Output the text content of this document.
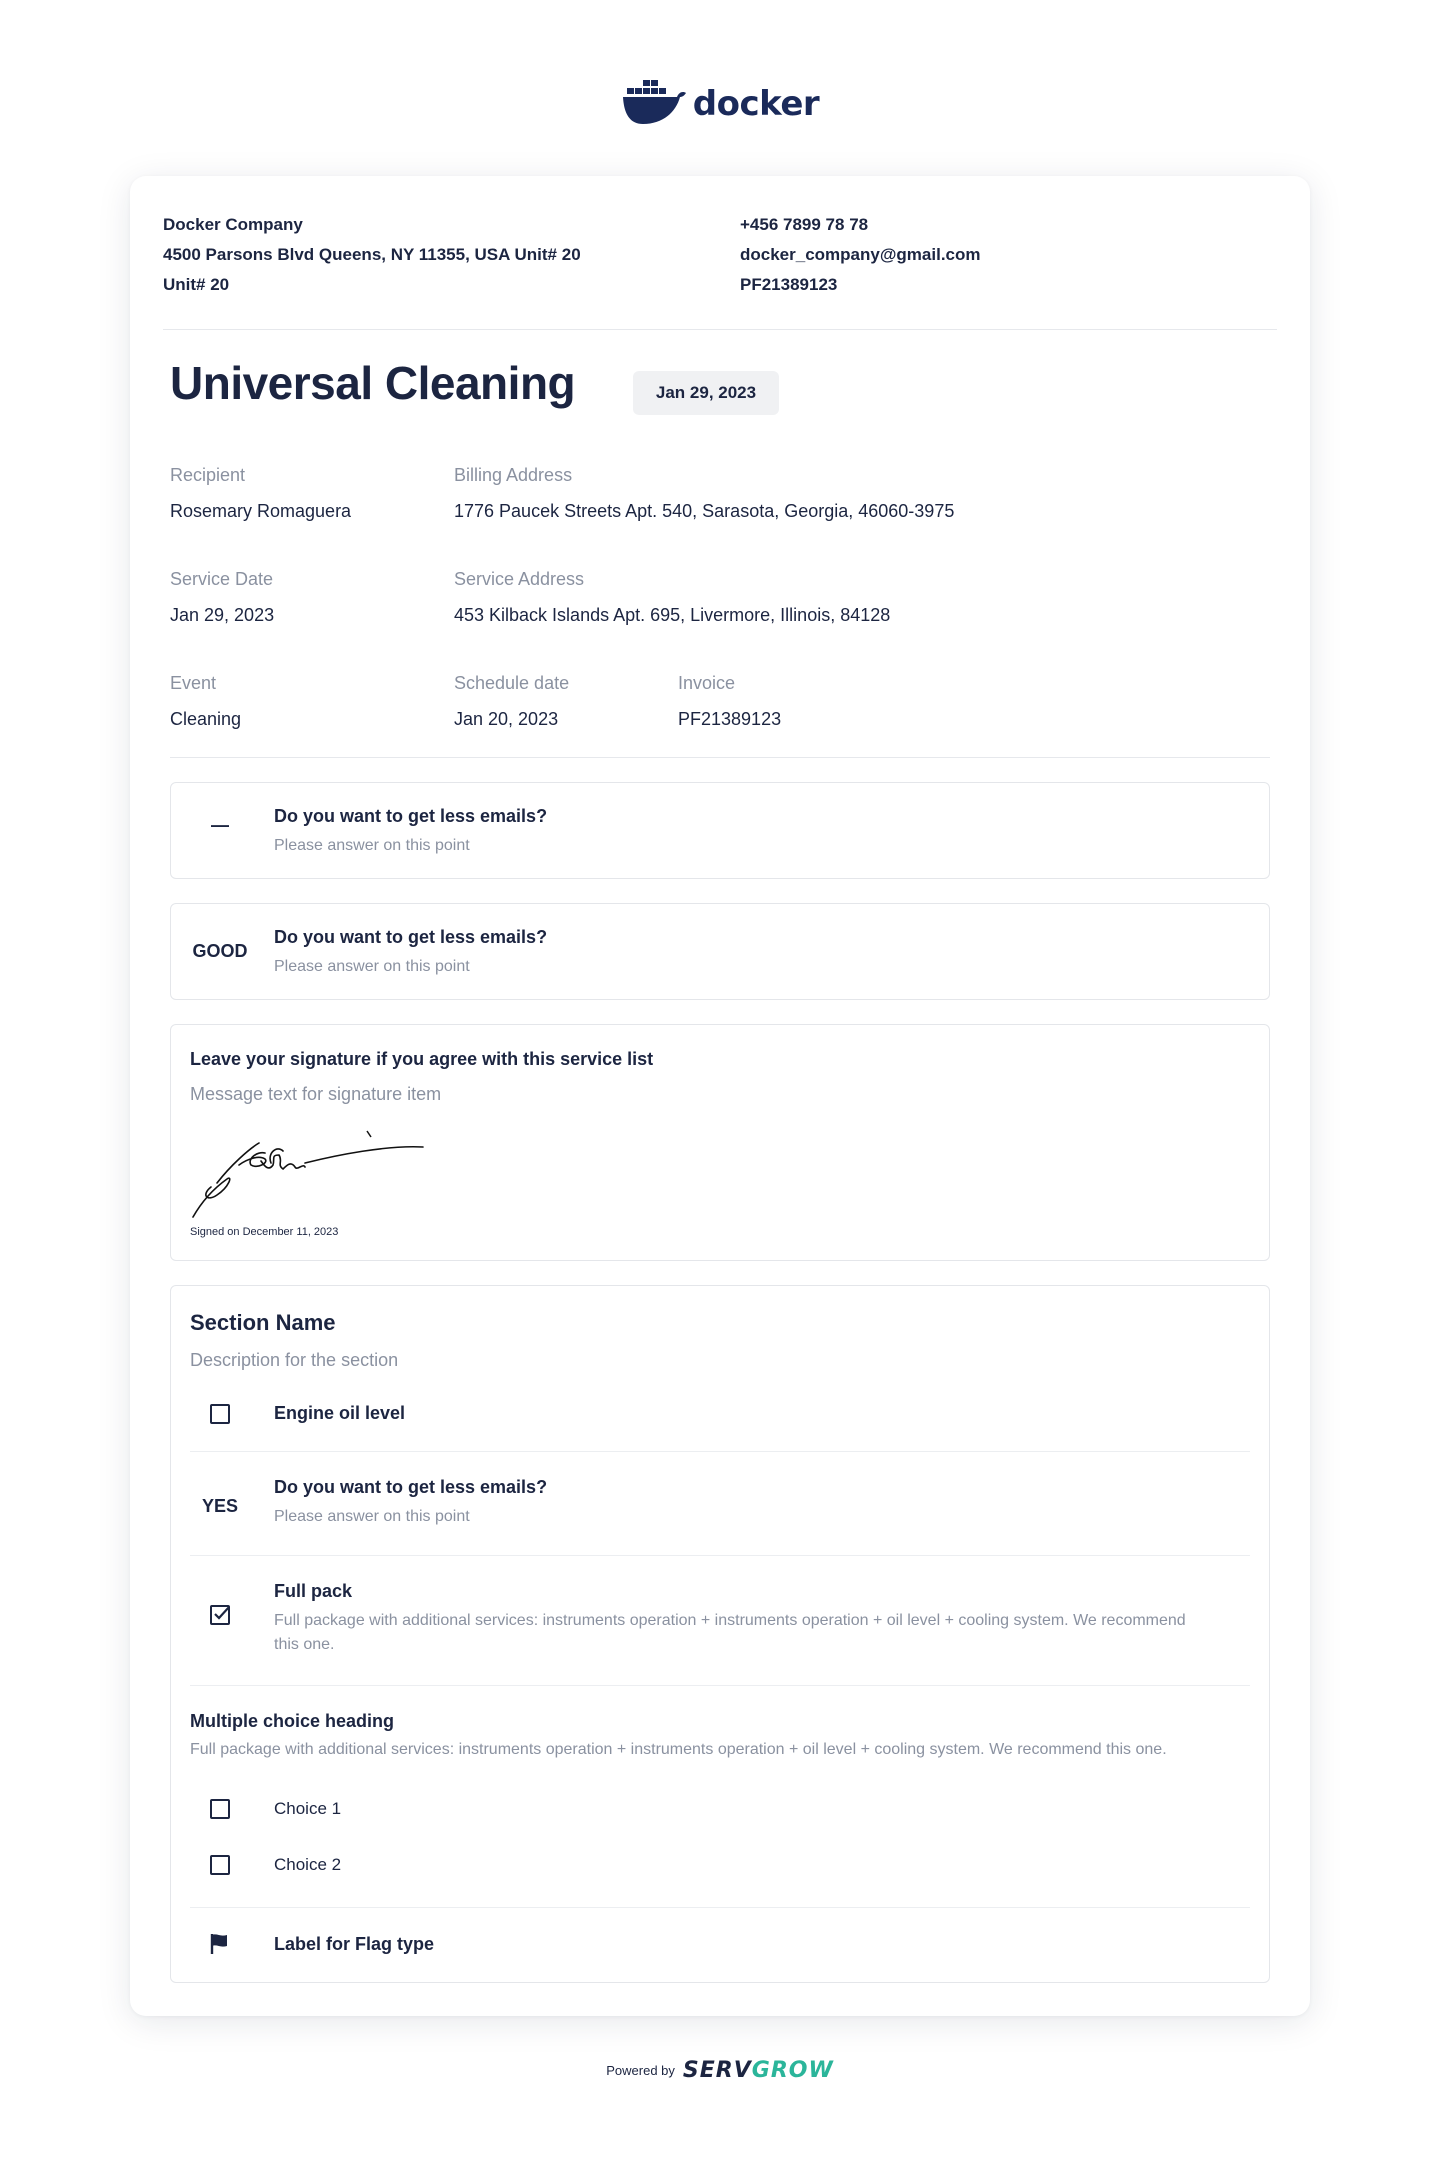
docker
Docker Company
4500 Parsons Blvd Queens, NY 11355, USA Unit# 20
Unit# 20
+456 7899 78 78
docker_company@gmail.com
PF21389123
Universal Cleaning	Jan 29, 2023
Recipient
Rosemary Romaguera
Billing Address
1776 Paucek Streets Apt. 540, Sarasota, Georgia, 46060-3975
Service Date
Jan 29, 2023
Service Address
453 Kilback Islands Apt. 695, Livermore, Illinois, 84128
Event
Cleaning
Schedule date
Jan 20, 2023
Invoice
PF21389123
—	Do you want to get less emails?
Please answer on this point
GOOD
Do you want to get less emails?
Please answer on this point
Leave your signature if you agree with this service list
Message text for signature item
Signed on December 11, 2023
Section Name
Description for the section
Engine oil level
YES
Do you want to get less emails?
Please answer on this point
Full pack
Full package with additional services: instruments operation + instruments operation + oil level + cooling system. We recommend
this one.
Multiple choice heading
Full package with additional services: instruments operation + instruments operation + oil level + cooling system. We recommend this one.
Choice 1
Choice 2
Label for Flag type
Powered by SERVGROW
